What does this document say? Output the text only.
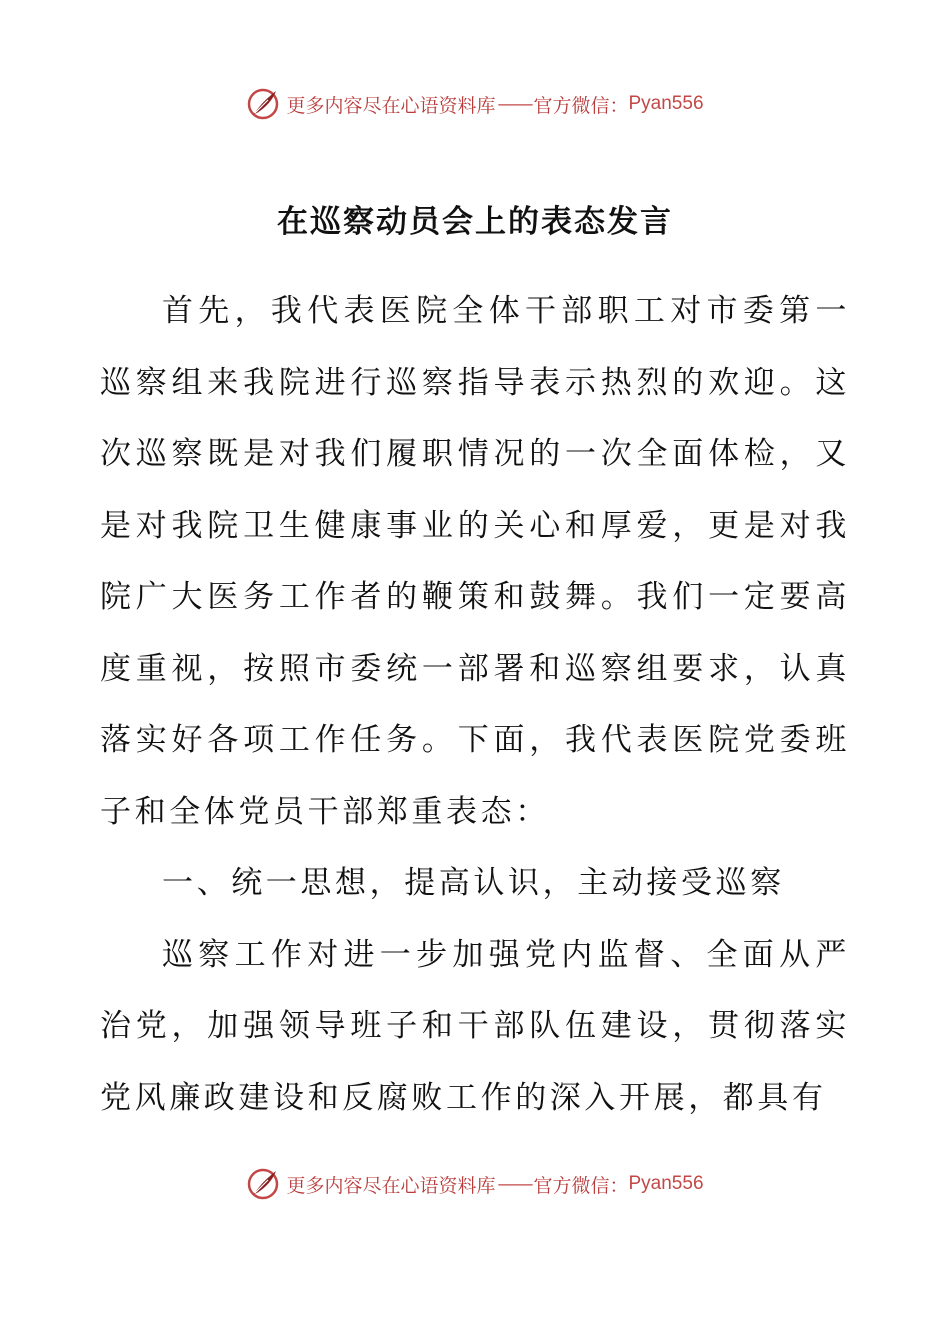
更多内容尽在心语资料库 —— 官方微信： Pyan556
在巡察动员会上的表态发言

首先，我代表医院全体干部职工对市委第一巡察组来我院进行巡察指导表示热烈的欢迎。这次巡察既是对我们履职情况的一次全面体检，又是对我院卫生健康事业的关心和厚爱，更是对我院广大医务工作者的鞭策和鼓舞。我们一定要高度重视，按照市委统一部署和巡察组要求，认真落实好各项工作任务。下面，我代表医院党委班子和全体党员干部郑重表态：

一、统一思想，提高认识，主动接受巡察

巡察工作对进一步加强党内监督、全面从严治党，加强领导班子和干部队伍建设，贯彻落实党风廉政建设和反腐败工作的深入开展，都具有

更多内容尽在心语资料库 —— 官方微信： Pyan556
